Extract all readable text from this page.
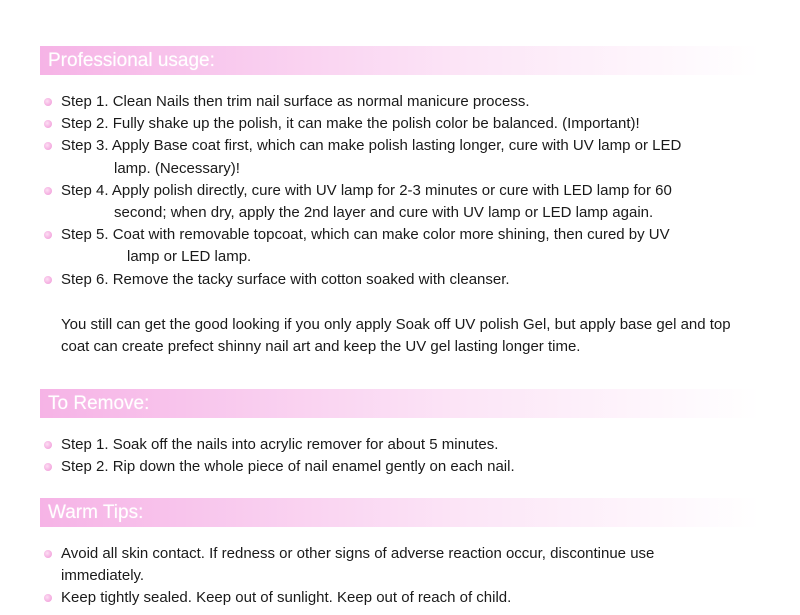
Professional usage:
Step 1. Clean Nails then trim nail surface as normal manicure process.
Step 2. Fully shake up the polish, it can make the polish color be balanced. (Important)!
Step 3. Apply Base coat first, which can make polish lasting longer, cure with UV lamp or LED
lamp. (Necessary)!
Step 4. Apply polish directly, cure with UV lamp for 2-3 minutes or cure with LED lamp for 60
second; when dry, apply the 2nd layer and cure with UV lamp or LED lamp again.
Step 5. Coat with removable topcoat, which can make color more shining, then cured by UV
lamp or LED lamp.
Step 6. Remove the tacky surface with cotton soaked with cleanser.

You still can get the good looking if you only apply Soak off UV polish Gel, but apply base gel and top coat can create prefect shinny nail art and keep the UV gel lasting longer time.

To Remove:
Step 1. Soak off the nails into acrylic remover for about 5 minutes.
Step 2. Rip down the whole piece of nail enamel gently on each nail.
Warm Tips:
Avoid all skin contact. If redness or other signs of adverse reaction occur, discontinue use immediately.
Keep tightly sealed. Keep out of sunlight. Keep out of reach of child.
